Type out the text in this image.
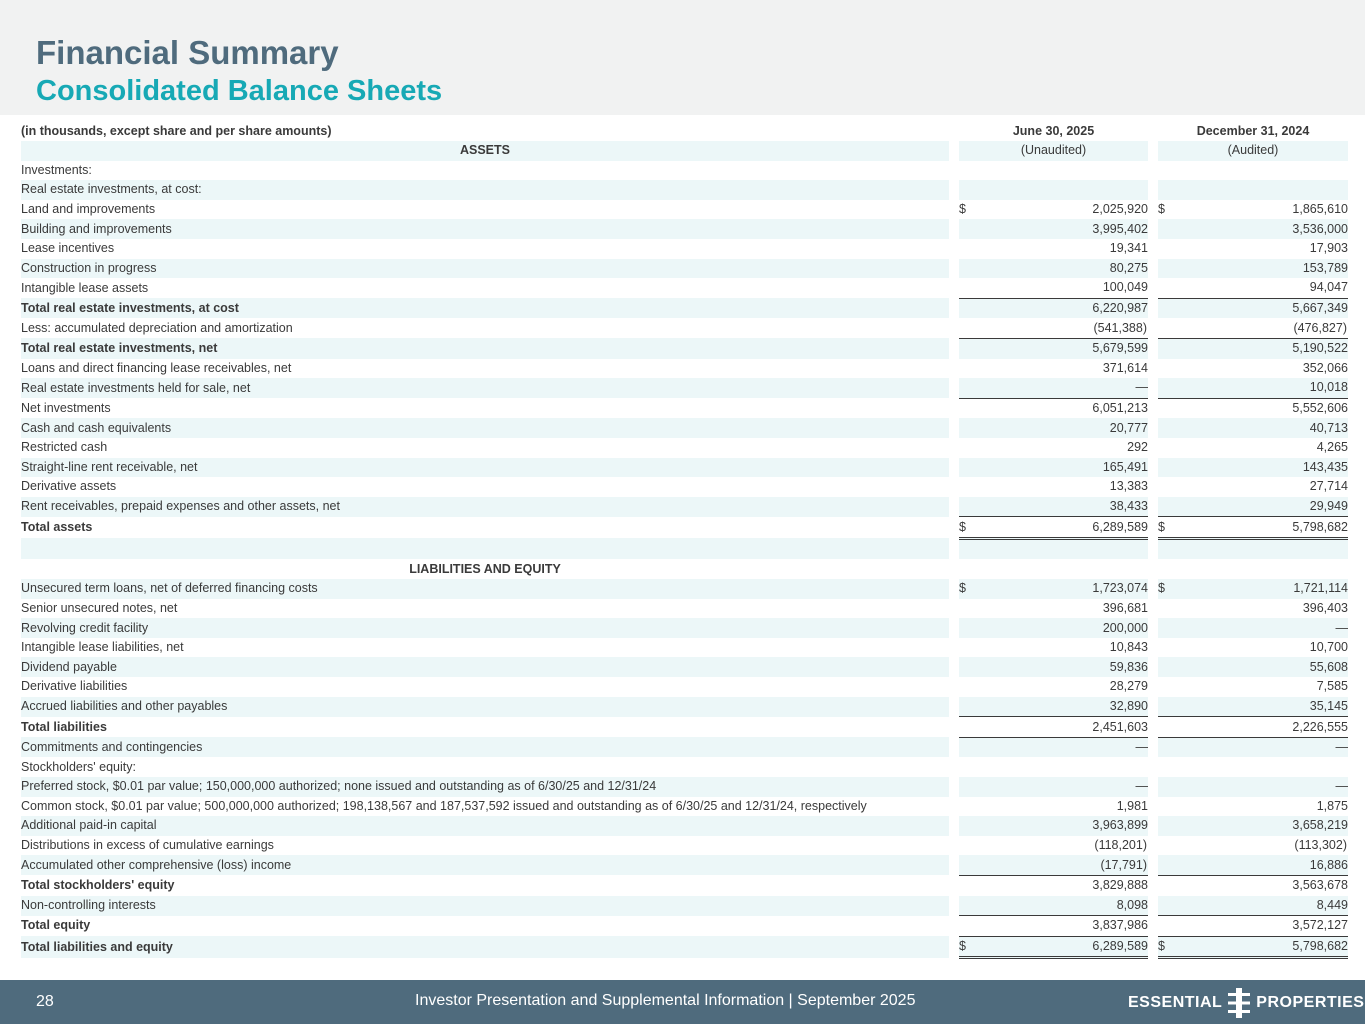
Financial Summary
Consolidated Balance Sheets
(in thousands, except share and per share amounts)		June 30, 2025			December 31, 2024	
ASSETS		(Unaudited)			(Audited)	
Investments:						
Real estate investments, at cost:						
Land and improvements		$	2,025,920		$	1,865,610
Building and improvements			3,995,402			3,536,000
Lease incentives			19,341			17,903
Construction in progress			80,275			153,789
Intangible lease assets			100,049			94,047
Total real estate investments, at cost			6,220,987			5,667,349
Less: accumulated depreciation and amortization			(541,388)			(476,827)
Total real estate investments, net			5,679,599			5,190,522
Loans and direct financing lease receivables, net			371,614			352,066
Real estate investments held for sale, net			—			10,018
Net investments			6,051,213			5,552,606
Cash and cash equivalents			20,777			40,713
Restricted cash			292			4,265
Straight-line rent receivable, net			165,491			143,435
Derivative assets			13,383			27,714
Rent receivables, prepaid expenses and other assets, net			38,433			29,949
Total assets		$	6,289,589		$	5,798,682

LIABILITIES AND EQUITY						
Unsecured term loans, net of deferred financing costs		$	1,723,074		$	1,721,114
Senior unsecured notes, net			396,681			396,403
Revolving credit facility			200,000			—
Intangible lease liabilities, net			10,843			10,700
Dividend payable			59,836			55,608
Derivative liabilities			28,279			7,585
Accrued liabilities and other payables			32,890			35,145
Total liabilities			2,451,603			2,226,555
Commitments and contingencies			—			—
Stockholders' equity:						
Preferred stock, $0.01 par value; 150,000,000 authorized; none issued and outstanding as of 6/30/25 and 12/31/24			—			—
Common stock, $0.01 par value; 500,000,000 authorized; 198,138,567 and 187,537,592 issued and outstanding as of 6/30/25 and 12/31/24, respectively			1,981			1,875
Additional paid-in capital			3,963,899			3,658,219
Distributions in excess of cumulative earnings			(118,201)			(113,302)
Accumulated other comprehensive (loss) income			(17,791)			16,886
Total stockholders' equity			3,829,888			3,563,678
Non-controlling interests			8,098			8,449
Total equity			3,837,986			3,572,127
Total liabilities and equity		$	6,289,589		$	5,798,682
28	Investor Presentation and Supplemental Information | September 2025	ESSENTIAL PROPERTIES
